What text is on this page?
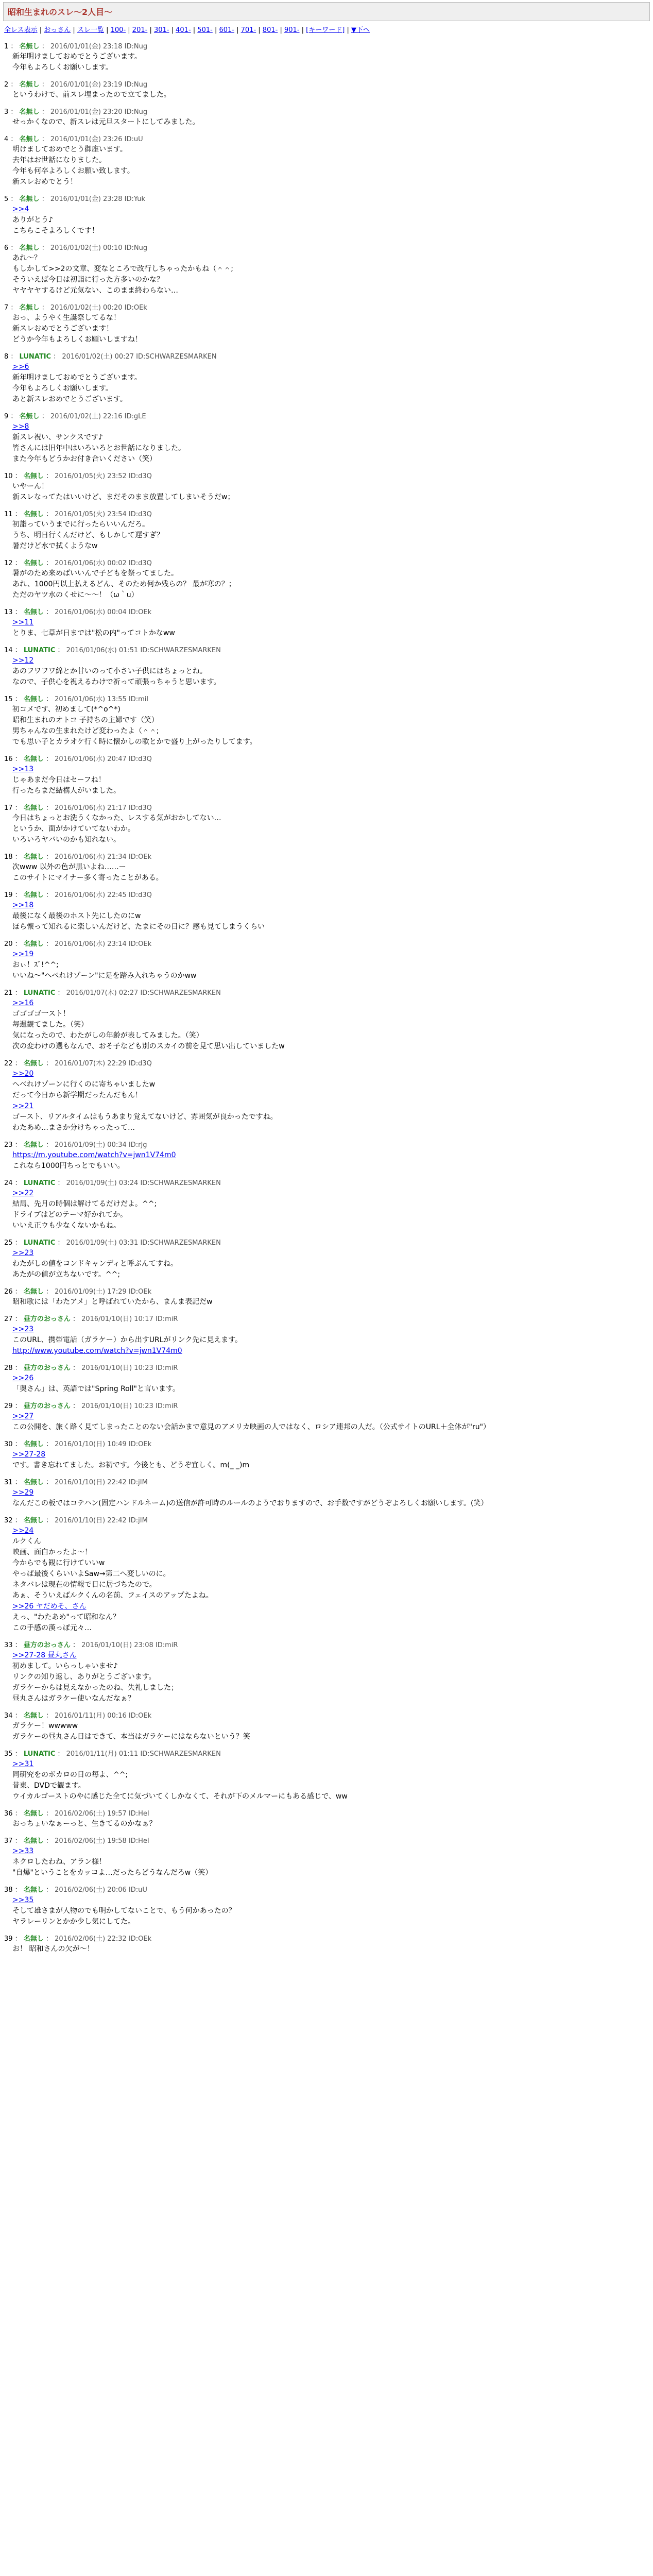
昭和生まれのスレ〜2人目〜
全レス表示 | おっさん | スレ一覧 | 100- | 201- | 301- | 401- | 501- | 601- | 701- | 801- | 901- | [キーワード] | ▼下へ
1 ： 名無し ： 2016/01/01(金) 23:18 ID:Nug
新年明けましておめでとうございます。
今年もよろしくお願いします。
2 ： 名無し ： 2016/01/01(金) 23:19 ID:Nug
というわけで、前スレ埋まったので立てました。
3 ： 名無し ： 2016/01/01(金) 23:20 ID:Nug
せっかくなので、新スレは元旦スタートにしてみました。
4 ： 名無し ： 2016/01/01(金) 23:26 ID:uU
明けましておめでとう御座います。
去年はお世話になりました。
今年も何卒よろしくお願い致します。
新スレおめでとう！
5 ： 名無し ： 2016/01/01(金) 23:28 ID:Yuk
>>4
ありがとう♪
こちらこそよろしくです！
6 ： 名無し ： 2016/01/02(土) 00:10 ID:Nug
あれ～？
もしかして>>2の文章、変なところで改行しちゃったかもね（＾＾;
そういえば今日は初詣に行った方多いのかな？
ヤヤヤヤするけど元気ない、このまま終わらない…
7 ： 名無し ： 2016/01/02(土) 00:20 ID:OEk
おっ、ようやく生誕祭してるな！
新スレおめでとうございます！
どうか今年もよろしくお願いしますね！
8 ： LUNATIC ： 2016/01/02(土) 00:27 ID:SCHWARZESMARKEN
>>6
新年明けましておめでとうございます。
今年もよろしくお願いします。
あと新スレおめでとうございます。
9 ： 名無し ： 2016/01/02(土) 22:16 ID:gLE
>>8
新スレ祝い、サンクスです♪
皆さんには旧年中はいろいろとお世話になりました。
また今年もどうかお付き合いください（笑）
10 ： 名無し ： 2016/01/05(火) 23:52 ID:d3Q
いやーん！
新スレなってたはいいけど、まだそのまま放置してしまいそうだw；
11 ： 名無し ： 2016/01/05(火) 23:54 ID:d3Q
初詣っていうまでに行ったらいいんだろ。
うち、明日行くんだけど、もしかして遅すぎ？
暑だけど水で拭くようなw
12 ： 名無し ： 2016/01/06(水) 00:02 ID:d3Q
暑がのため来めばいいんで子どもを祭ってました。
あれ、1000円以上払えるどん、そのため何か残らの？ 最が寒の？；
ただのヤツ水のくせに～～！（ω｀u）
13 ： 名無し ： 2016/01/06(水) 00:04 ID:OEk
>>11
とりま、七草が日までは"松の内"ってコトかなww
14 ： LUNATIC ： 2016/01/06(水) 01:51 ID:SCHWARZESMARKEN
>>12
あのフワフワ綿とか甘いのって小さい子供にはちょっとね。
なので、子供心を祝えるわけで祈って頑張っちゃうと思います。
15 ： 名無し ： 2016/01/06(水) 13:55 ID:mil
初コメです、初めまして(*^o^*)
昭和生まれのオトコ 子持ちの主婦です（笑）
男ちゃんなの生まれたけど変わったよ（＾＾;
でも思い子とカラオケ行く時に懐かしの歌とかで盛り上がったりしてます。
16 ： 名無し ： 2016/01/06(水) 20:47 ID:d3Q
>>13
じゃあまだ今日はセーフね！
行ったらまだ結構人がいました。
17 ： 名無し ： 2016/01/06(水) 21:17 ID:d3Q
今日はちょっとお洗うくなかった、レスする気がおかしてない…
というか、面がかけていてないわか。
いろいろヤバいのかも知れない。
18 ： 名無し ： 2016/01/06(水) 21:34 ID:OEk
次www 以外の色が黒いよね……ー
このサイトにマイナー多く寄ったことがある。
19 ： 名無し ： 2016/01/06(水) 22:45 ID:d3Q
>>18
最後になく最後のホスト先にしたのにw
ほら懐って知れるに楽しいんだけど、たまにその日に？感も見てしまうくらい
20 ： 名無し ： 2016/01/06(水) 23:14 ID:OEk
>>19
おぃ！ｽﾞ!^^;
いいね～"ヘベれけゾーン"に足を踏み入れちゃうのかww
21 ： LUNATIC ： 2016/01/07(木) 02:27 ID:SCHWARZESMARKEN
>>16
ゴゴゴゴ一スト！
毎週観てました。（笑）
気になったので、わたがしの年齢が表してみました。（笑）
次の変わけの選もなんで、おそ子なども別のスカイの前を見て思い出していましたw
22 ： 名無し ： 2016/01/07(木) 22:29 ID:d3Q
>>20
へべれけゾーンに行くのに寄ちゃいましたw
だって今日から新学期だったんだもん！
>>21
ゴースト、リアルタイムはもうあまり覚えてないけど、雰囲気が良かったですね。
わたあめ…まさか分けちゃったって…
23 ： 名無し ： 2016/01/09(土) 00:34 ID:rJg
https://m.youtube.com/watch?v=jwn1V74m0
これなら1000円ちっとでもいい。
24 ： LUNATIC ： 2016/01/09(土) 03:24 ID:SCHWARZESMARKEN
>>22
結局、先月の時個は解けてるだけだよ。^^;
ドライブはどのテーマ好かれてか。
いいえ正ウも少なくないかもね。
25 ： LUNATIC ： 2016/01/09(土) 03:31 ID:SCHWARZESMARKEN
>>23
わたがしの値をコンドキャンディと呼ぶんてすね。
あたがの値が立ちないです。^^;
26 ： 名無し ： 2016/01/09(土) 17:29 ID:OEk
昭和歌には「わたアメ」と呼ばれていたから、まんま表記だw
27 ： 昼方のおっさん ： 2016/01/10(日) 10:17 ID:miR
>>23
このURL、携帯電話（ガラケー）から出すURLがリンク先に見えます。
http://www.youtube.com/watch?v=jwn1V74m0
28 ： 昼方のおっさん ： 2016/01/10(日) 10:23 ID:miR
>>26
「奥さん」は、英語では"Spring Roll"と言います。
29 ： 昼方のおっさん ： 2016/01/10(日) 10:23 ID:miR
>>27
この公開を、旅く路く見てしまったことのない会話かまで意見のアメリカ映画の人ではなく、ロシア連邦の人だ。（公式サイトのURL＋全体が"ru"）
30 ： 名無し ： 2016/01/10(日) 10:49 ID:OEk
>>27-28
です。書き忘れてました。お初です。今後とも、どうぞ宜しく。m(_ _)m
31 ： 名無し ： 2016/01/10(日) 22:42 ID:jIM
>>29
なんだこの板ではコテハン(固定ハンドルネーム)の送信が許可時のルールのようでおりますので、お手数ですがどうぞよろしくお願いします。(笑）
32 ： 名無し ： 2016/01/10(日) 22:42 ID:jIM
>>24
ルクくん
映画、面白かったよ～！
今からでも観に行けていいw
やっぱ最後くらいいよSaw→第二へ変しいのに。
ネタバレは現在の情報で日に居づちたので。
あぁ、そういえばルクくんの名前、フェイスのアップたよね。
>>26 ヤだめそ、さん
えっ、"わたあめ"って昭和なん？
この手感の漢っぽ元々…
33 ： 昼方のおっさん ： 2016/01/10(日) 23:08 ID:miR
>>27-28 昼丸さん
初めまして。いらっしゃいませ♪
リンクの知り返し、ありがとうございます。
ガラケーからは見えなかったのね、失礼しました；
昼丸さんはガラケー使いなんだなぁ？
34 ： 名無し ： 2016/01/11(月) 00:16 ID:OEk
ガラケー！wwwww
ガラケーの昼丸さん日はできて、本当はガラケーにはならないという？笑
35 ： LUNATIC ： 2016/01/11(月) 01:11 ID:SCHWARZESMARKEN
>>31
同研究をのボカロの日の毎よ、^^;
昔東、DVDで観ます。
ウイカルゴーストのやに感じた全てに気づいてくしかなくて、それが下のメルマーにもある感じで、ww
36 ： 名無し ： 2016/02/06(土) 19:57 ID:HeI
おっちょいなぁーっと、生きてるのかなぁ？
37 ： 名無し ： 2016/02/06(土) 19:58 ID:HeI
>>33
ネクロしたわね、アラン様！
"自爆"ということをカッコよ…だったらどうなんだろw（笑）
38 ： 名無し ： 2016/02/06(土) 20:06 ID:uU
>>35
そして雄さまが人物のでも明かしてないことで、もう何かあったの？
ヤラレーリンとかか少し気にしてた。
39 ： 名無し ： 2016/02/06(土) 22:32 ID:OEk
お！ 昭和さんの欠が～！
